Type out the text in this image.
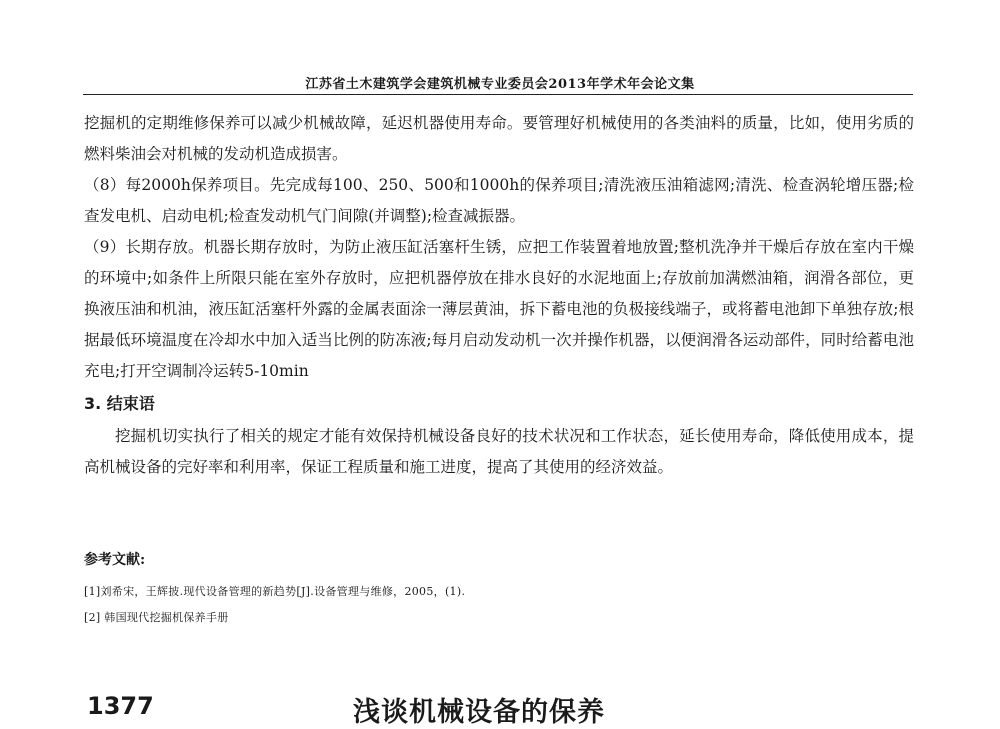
江苏省土木建筑学会建筑机械专业委员会2013年学术年会论文集

挖掘机的定期维修保养可以减少机械故障，延迟机器使用寿命。要管理好机械使用的各类油料的质量，比如，使用劣质的燃料柴油会对机械的发动机造成损害。

（8）每2000h保养项目。先完成每100、250、500和1000h的保养项目;清洗液压油箱滤网;清洗、检查涡轮增压器;检查发电机、启动电机;检查发动机气门间隙(并调整);检查减振器。

（9）长期存放。机器长期存放时，为防止液压缸活塞杆生锈，应把工作装置着地放置;整机洗净并干燥后存放在室内干燥的环境中;如条件上所限只能在室外存放时，应把机器停放在排水良好的水泥地面上;存放前加满燃油箱，润滑各部位，更换液压油和机油，液压缸活塞杆外露的金属表面涂一薄层黄油，拆下蓄电池的负极接线端子，或将蓄电池卸下单独存放;根据最低环境温度在冷却水中加入适当比例的防冻液;每月启动发动机一次并操作机器，以便润滑各运动部件，同时给蓄电池充电;打开空调制冷运转5-10min

3. 结束语

挖掘机切实执行了相关的规定才能有效保持机械设备良好的技术状况和工作状态，延长使用寿命，降低使用成本，提高机械设备的完好率和利用率，保证工程质量和施工进度，提高了其使用的经济效益。

参考文献:

[1]刘希宋，王辉披.现代设备管理的新趋势[J].设备管理与维修，2005，(1).

[2] 韩国现代挖掘机保养手册

1377	浅谈机械设备的保养
